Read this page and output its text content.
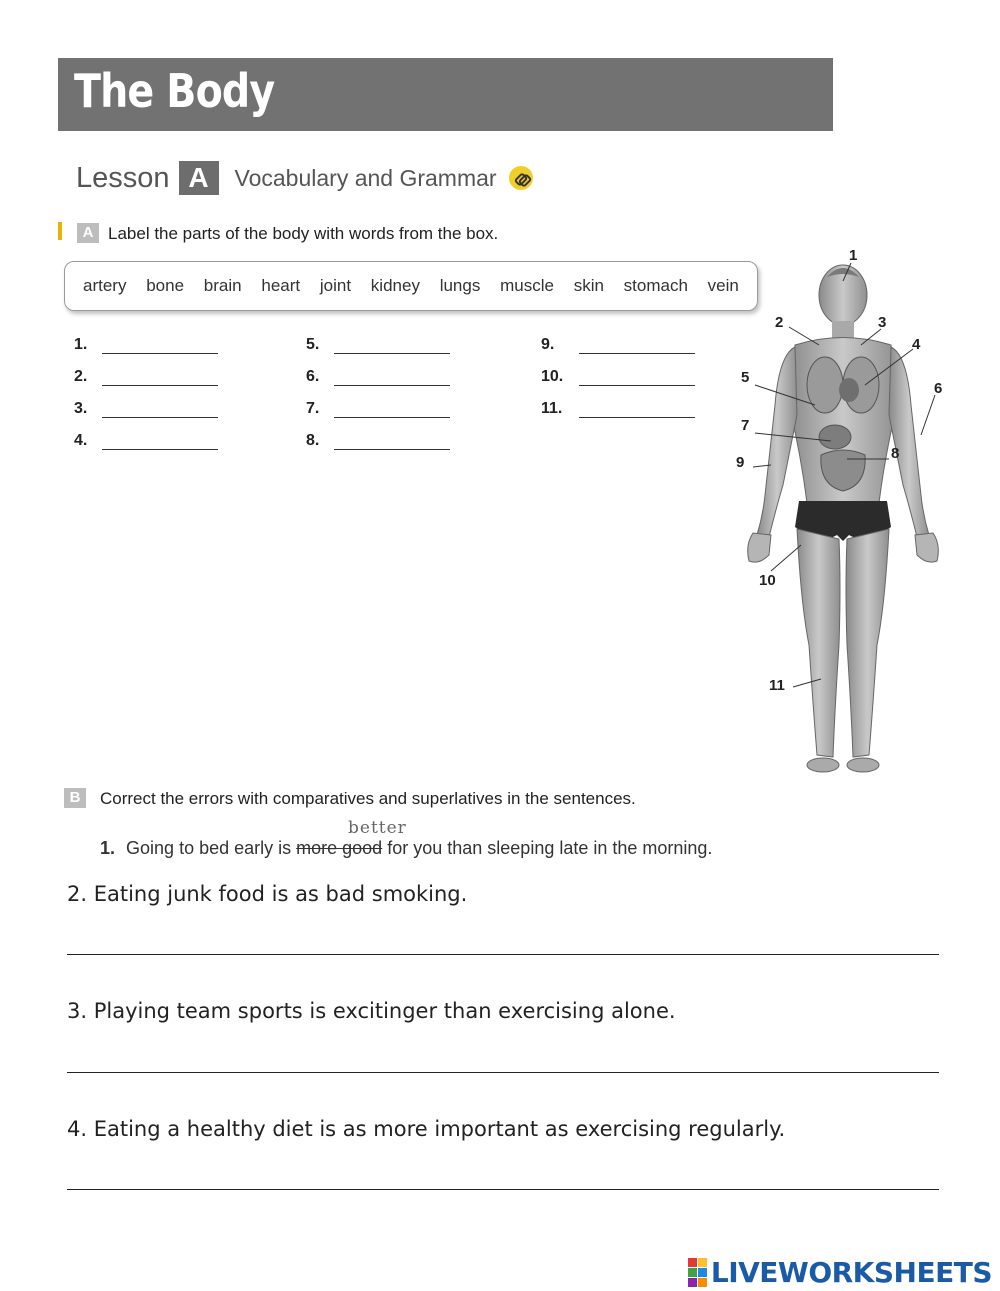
The Body
Lesson A	Vocabulary and Grammar
A Label the parts of the body with words from the box.
artery bone brain heart joint kidney lungs muscle skin stomach vein
1.
2.
3.
4.
5.
6.
7.
8.
9.
10.
11.
1
2	3
4
5
6
7
8
9
10
11
B	Correct the errors with comparatives and superlatives in the sentences.
better
1. Going to bed early is more good for you than sleeping late in the morning.
2. Eating junk food is as bad smoking.
3. Playing team sports is excitinger than exercising alone.
4. Eating a healthy diet is as more important as exercising regularly.
LIVEWORKSHEETS
